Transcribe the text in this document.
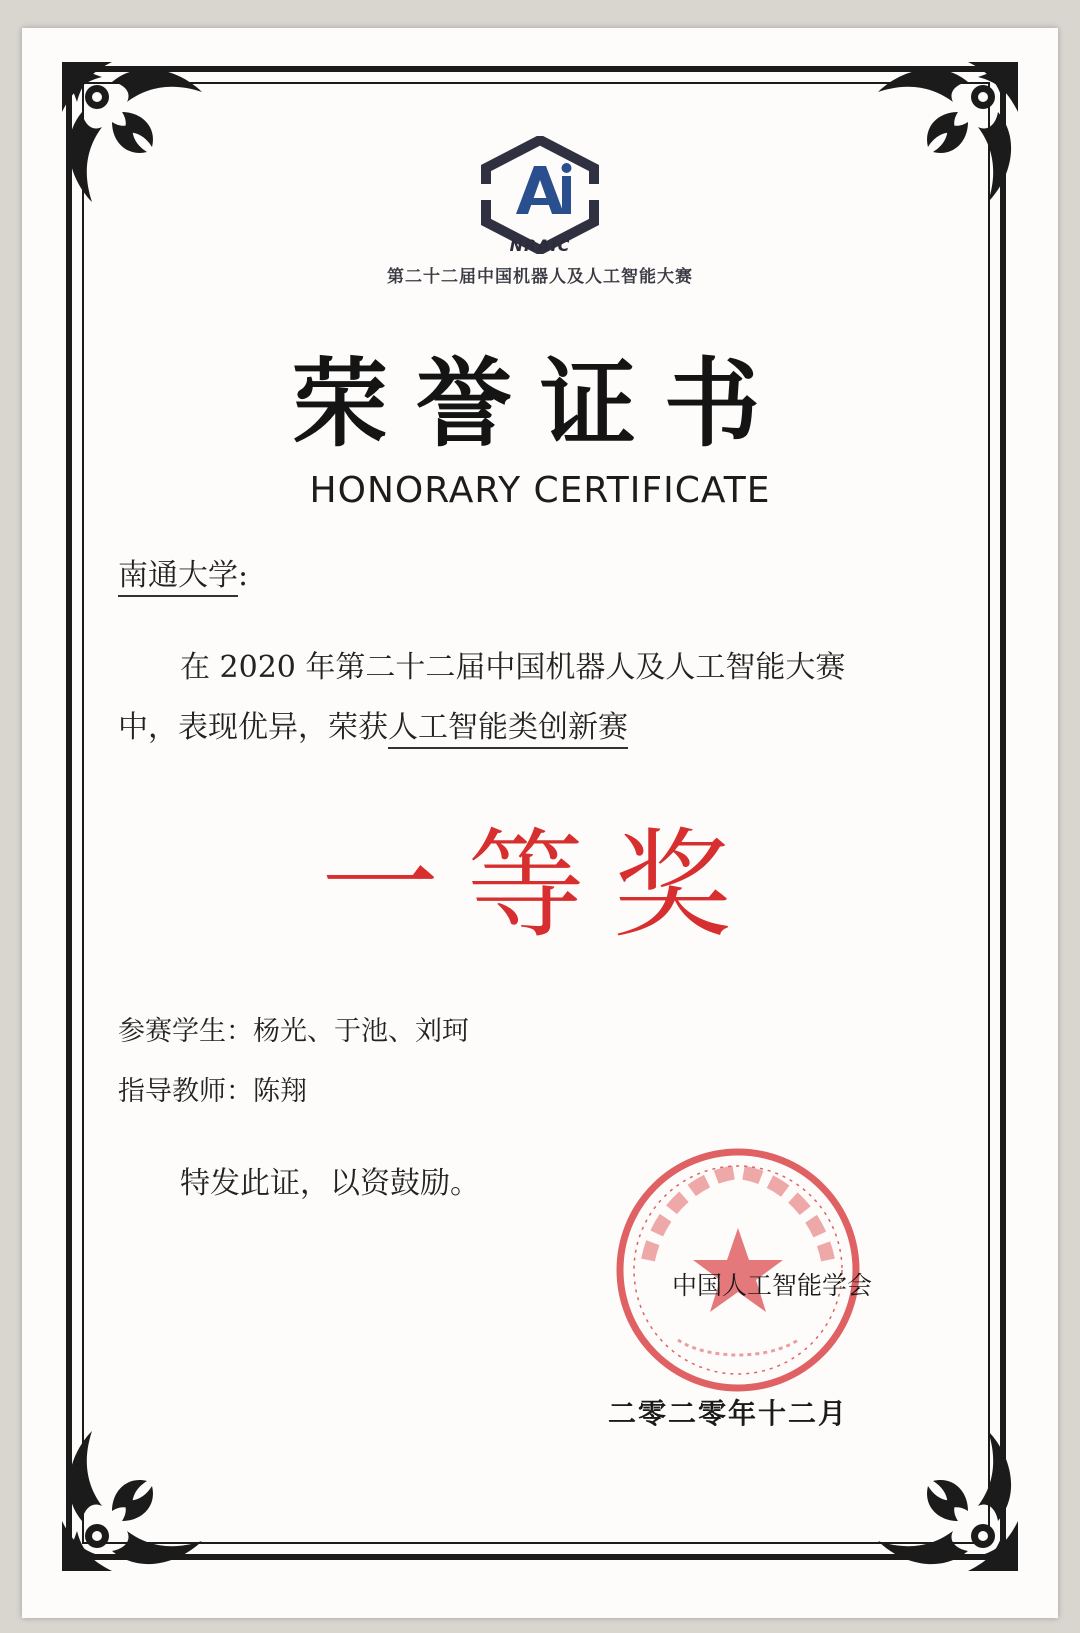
NRAIC
第二十二届中国机器人及人工智能大赛
荣誉证书
HONORARY CERTIFICATE
南通大学:
在 2020 年第二十二届中国机器人及人工智能大赛
中，表现优异，荣获人工智能类创新赛
一等奖
参赛学生：杨光、于池、刘珂
指导教师：陈翔
特发此证，以资鼓励。
中国人工智能学会
二零二零年十二月
